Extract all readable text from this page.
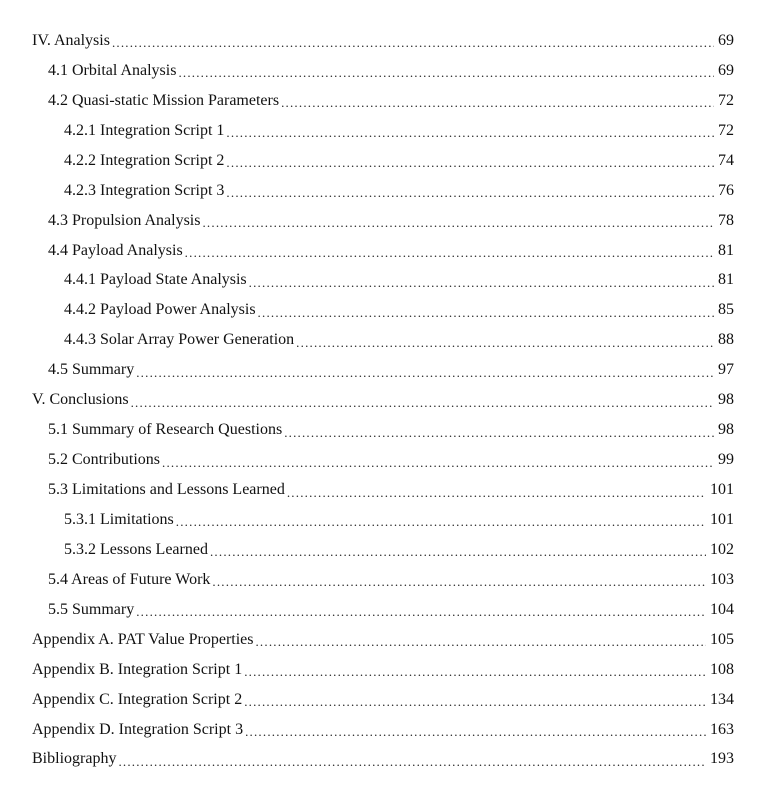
IV. Analysis .....	69
4.1 Orbital Analysis .....	69
4.2 Quasi-static Mission Parameters .....	72
4.2.1 Integration Script 1 .....	72
4.2.2 Integration Script 2 .....	74
4.2.3 Integration Script 3 .....	76
4.3 Propulsion Analysis .....	78
4.4 Payload Analysis .....	81
4.4.1 Payload State Analysis .....	81
4.4.2 Payload Power Analysis .....	85
4.4.3 Solar Array Power Generation .....	88
4.5 Summary .....	97
V. Conclusions .....	98
5.1 Summary of Research Questions .....	98
5.2 Contributions .....	99
5.3 Limitations and Lessons Learned .....	101
5.3.1 Limitations .....	101
5.3.2 Lessons Learned .....	102
5.4 Areas of Future Work .....	103
5.5 Summary .....	104
Appendix A. PAT Value Properties .....	105
Appendix B. Integration Script 1 .....	108
Appendix C. Integration Script 2 .....	134
Appendix D. Integration Script 3 .....	163
Bibliography .....	193
